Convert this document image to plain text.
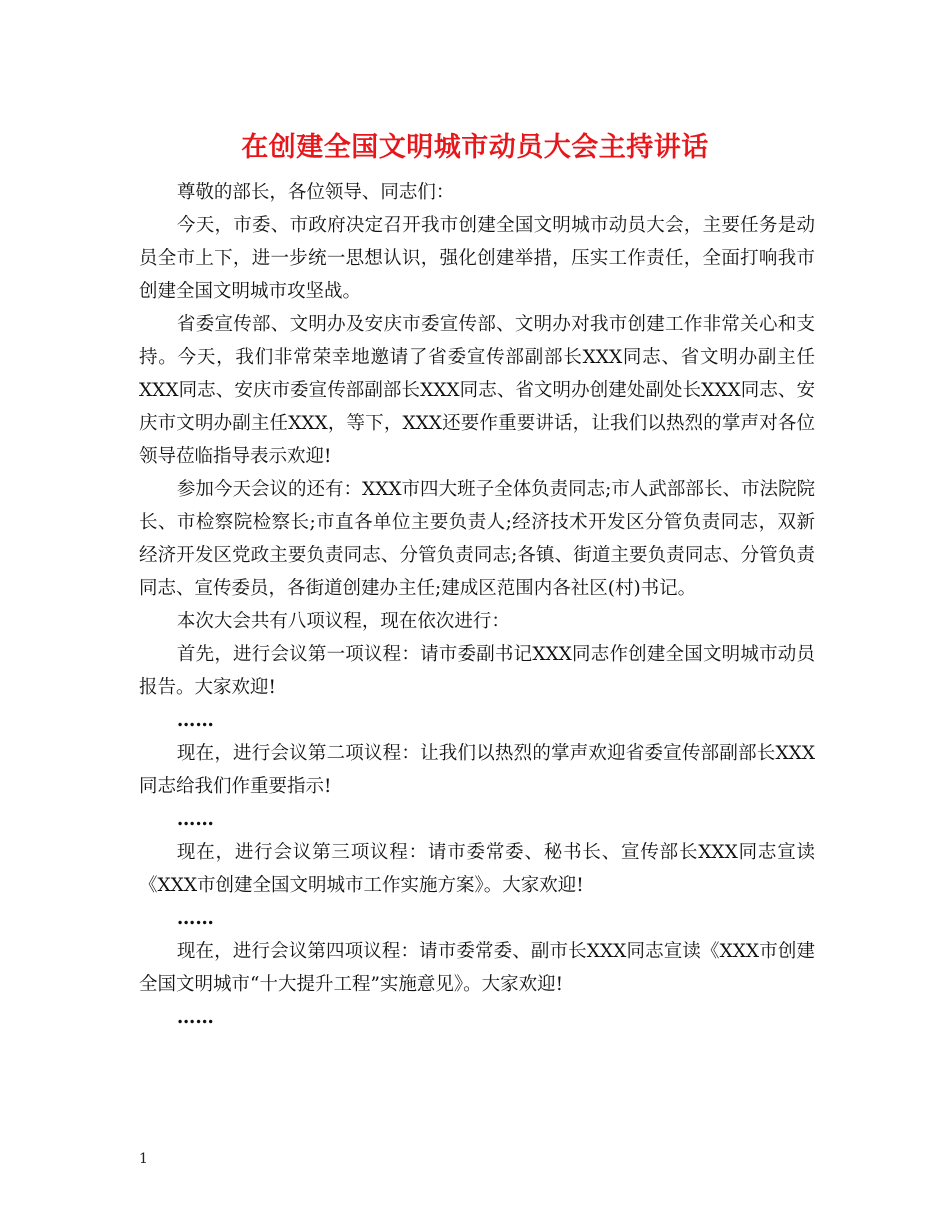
在创建全国文明城市动员大会主持讲话

尊敬的部长，各位领导、同志们：

今天，市委、市政府决定召开我市创建全国文明城市动员大会，主要任务是动员全市上下，进一步统一思想认识，强化创建举措，压实工作责任，全面打响我市创建全国文明城市攻坚战。

省委宣传部、文明办及安庆市委宣传部、文明办对我市创建工作非常关心和支持。今天，我们非常荣幸地邀请了省委宣传部副部长XXX同志、省文明办副主任XXX同志、安庆市委宣传部副部长XXX同志、省文明办创建处副处长XXX同志、安庆市文明办副主任XXX，等下，XXX还要作重要讲话，让我们以热烈的掌声对各位领导莅临指导表示欢迎!

参加今天会议的还有：XXX市四大班子全体负责同志;市人武部部长、市法院院长、市检察院检察长;市直各单位主要负责人;经济技术开发区分管负责同志，双新经济开发区党政主要负责同志、分管负责同志;各镇、街道主要负责同志、分管负责同志、宣传委员，各街道创建办主任;建成区范围内各社区(村)书记。

本次大会共有八项议程，现在依次进行：

首先，进行会议第一项议程：请市委副书记XXX同志作创建全国文明城市动员报告。大家欢迎!

……

现在，进行会议第二项议程：让我们以热烈的掌声欢迎省委宣传部副部长XXX同志给我们作重要指示!

……

现在，进行会议第三项议程：请市委常委、秘书长、宣传部长XXX同志宣读《XXX市创建全国文明城市工作实施方案》。大家欢迎!

……

现在，进行会议第四项议程：请市委常委、副市长XXX同志宣读《XXX市创建全国文明城市“十大提升工程”实施意见》。大家欢迎!

……

1
